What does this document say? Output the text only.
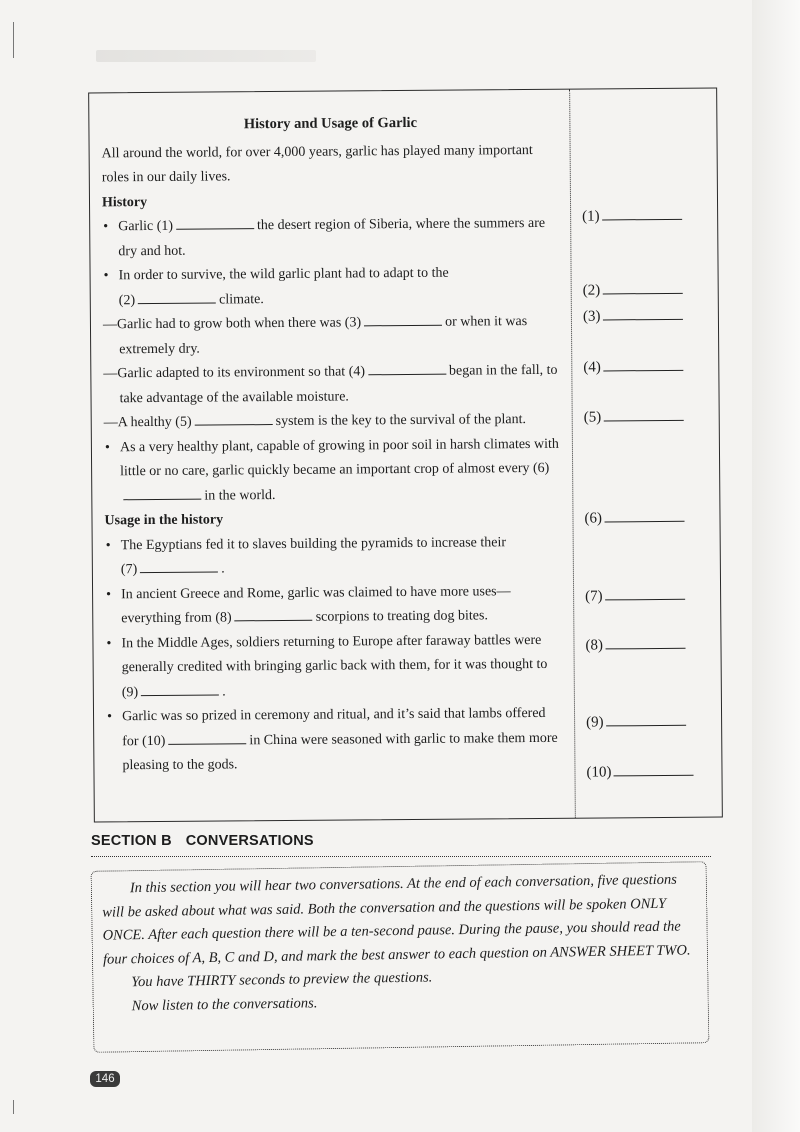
History and Usage of Garlic

All around the world, for over 4,000 years, garlic has played many important roles in our daily lives.

History

• Garlic (1)	the desert region of Siberia, where the summers are dry and hot.

• In order to survive, the wild garlic plant had to adapt to the
(2)	climate.

—Garlic had to grow both when there was (3)	or when it was extremely dry.

—Garlic adapted to its environment so that (4)	began in the fall, to take advantage of the available moisture.

—A healthy (5)	system is the key to the survival of the plant.

• As a very healthy plant, capable of growing in poor soil in harsh climates with little or no care, garlic quickly became an important crop of almost every (6)in the world.

Usage in the history

• The Egyptians fed it to slaves building the pyramids to increase their
(7)	.

• In ancient Greece and Rome, garlic was claimed to have more uses—everything from (8)	scorpions to treating dog bites.

• In the Middle Ages, soldiers returning to Europe after faraway battles were generally credited with bringing garlic back with them, for it was thought to (9)	.

• Garlic was so prized in ceremony and ritual, and it’s said that lambs offered for (10)	in China were seasoned with garlic to make them more pleasing to the gods.

(1)
(2)
(3)
(4)
(5)
(6)
(7)
(8)
(9)
(10)
SECTION B CONVERSATIONS

In this section you will hear two conversations. At the end of each conversation, five questions will be asked about what was said. Both the conversation and the questions will be spoken ONLY ONCE. After each question there will be a ten-second pause. During the pause, you should read the four choices of A, B, C and D, and mark the best answer to each question on ANSWER SHEET TWO.

You have THIRTY seconds to preview the questions.

Now listen to the conversations.

146
